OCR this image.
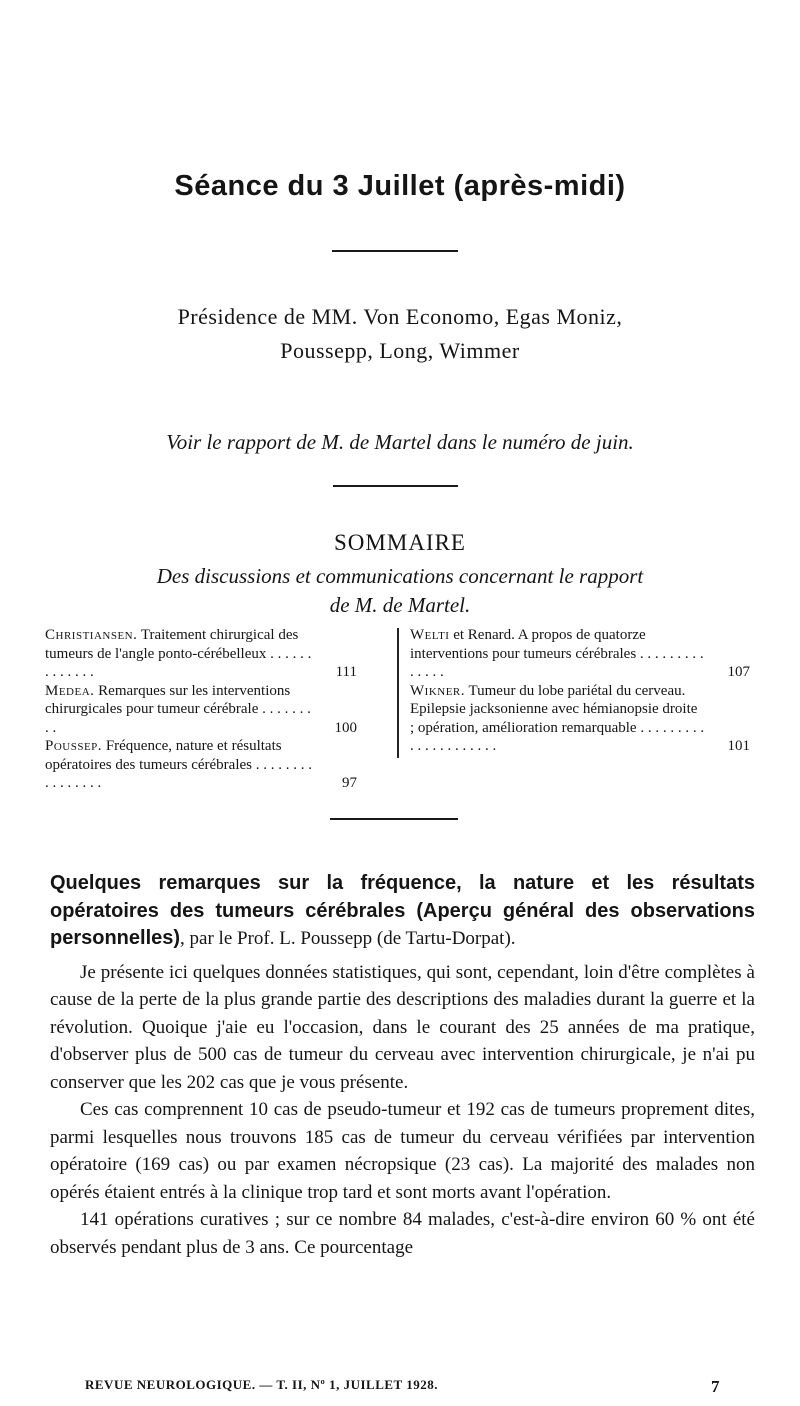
Séance du 3 Juillet (après-midi)
Présidence de MM. Von Economo, Egas Moniz,
Poussepp, Long, Wimmer
Voir le rapport de M. de Martel dans le numéro de juin.
SOMMAIRE
Des discussions et communications concernant le rapport
de M. de Martel.
Christiansen. Traitement chirurgical des tumeurs de l'angle ponto-cérébelleux . . . . . . . . . . . . .	111
Medea. Remarques sur les interventions chirurgicales pour tumeur cérébrale . . . . . . . . .	100
Poussep. Fréquence, nature et résultats opératoires des tumeurs cérébrales . . . . . . . . . . . . . . . .	97
Welti et Renard. A propos de quatorze interventions pour tumeurs cérébrales . . . . . . . . . . . . . .	107
Wikner. Tumeur du lobe pariétal du cerveau. Epilepsie jacksonienne avec hémianopsie droite ; opération, amélioration remarquable . . . . . . . . . . . . . . . . . . . . .	101

Quelques remarques sur la fréquence, la nature et les résultats opératoires des tumeurs cérébrales (Aperçu général des observations personnelles), par le Prof. L. Poussepp (de Tartu-Dorpat).

Je présente ici quelques données statistiques, qui sont, cependant, loin d'être complètes à cause de la perte de la plus grande partie des descriptions des maladies durant la guerre et la révolution. Quoique j'aie eu l'occasion, dans le courant des 25 années de ma pratique, d'observer plus de 500 cas de tumeur du cerveau avec intervention chirurgicale, je n'ai pu conserver que les 202 cas que je vous présente.

Ces cas comprennent 10 cas de pseudo-tumeur et 192 cas de tumeurs proprement dites, parmi lesquelles nous trouvons 185 cas de tumeur du cerveau vérifiées par intervention opératoire (169 cas) ou par examen nécropsique (23 cas). La majorité des malades non opérés étaient entrés à la clinique trop tard et sont morts avant l'opération.

141 opérations curatives ; sur ce nombre 84 malades, c'est-à-dire environ 60 % ont été observés pendant plus de 3 ans. Ce pourcentage

REVUE NEUROLOGIQUE. — T. II, Nº 1, JUILLET 1928.	7
